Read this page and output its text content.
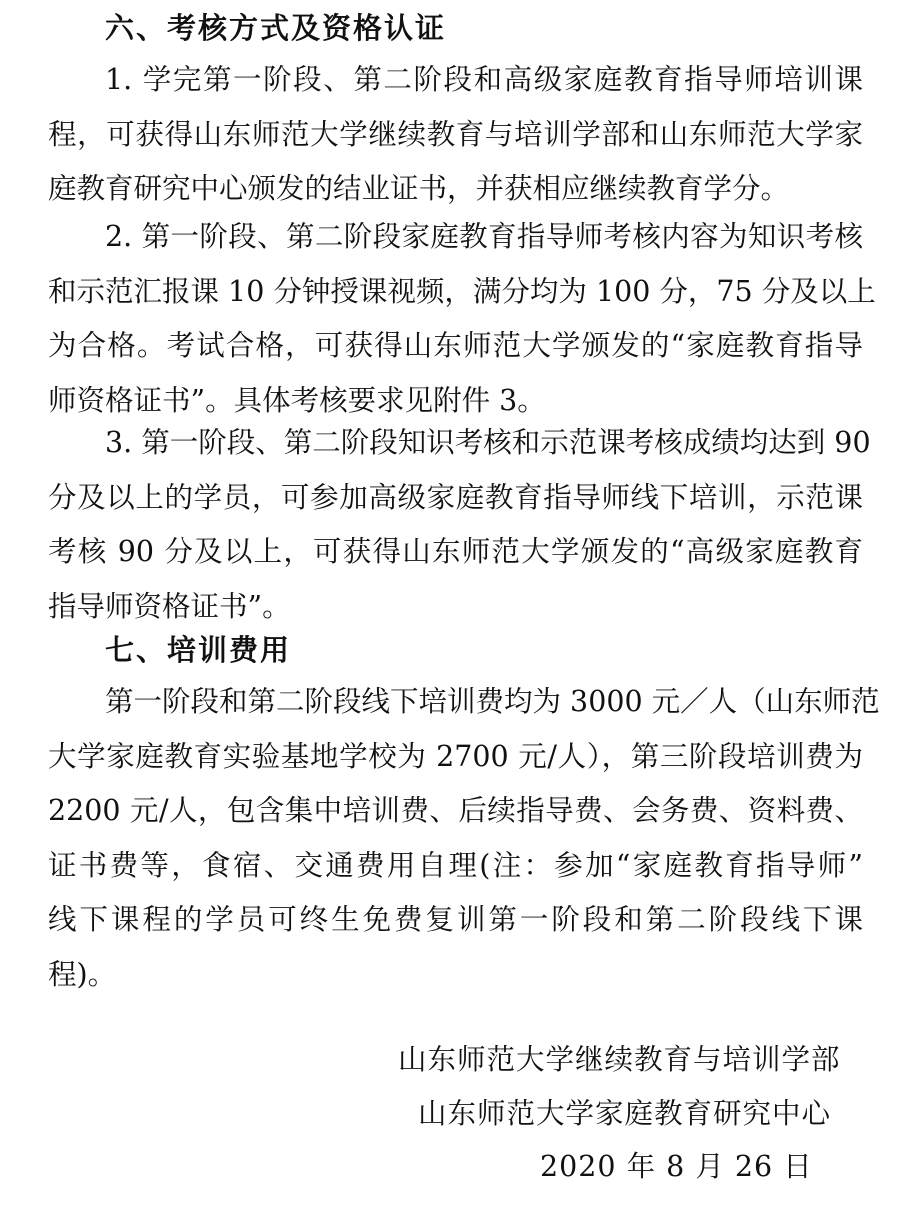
六、考核方式及资格认证
1. 学完第一阶段、第二阶段和高级家庭教育指导师培训课
程，可获得山东师范大学继续教育与培训学部和山东师范大学家
庭教育研究中心颁发的结业证书，并获相应继续教育学分。
2. 第一阶段、第二阶段家庭教育指导师考核内容为知识考核
和示范汇报课 10 分钟授课视频，满分均为 100 分，75 分及以上
为合格。考试合格，可获得山东师范大学颁发的“家庭教育指导
师资格证书”。具体考核要求见附件 3。
3. 第一阶段、第二阶段知识考核和示范课考核成绩均达到 90
分及以上的学员，可参加高级家庭教育指导师线下培训，示范课
考核 90 分及以上，可获得山东师范大学颁发的“高级家庭教育
指导师资格证书”。
七、培训费用
第一阶段和第二阶段线下培训费均为 3000 元／人（山东师范
大学家庭教育实验基地学校为 2700 元/人），第三阶段培训费为
2200 元/人，包含集中培训费、后续指导费、会务费、资料费、
证书费等，食宿、交通费用自理(注：参加“家庭教育指导师”
线下课程的学员可终生免费复训第一阶段和第二阶段线下课
程)。
山东师范大学继续教育与培训学部
山东师范大学家庭教育研究中心
2020 年 8 月 26 日
